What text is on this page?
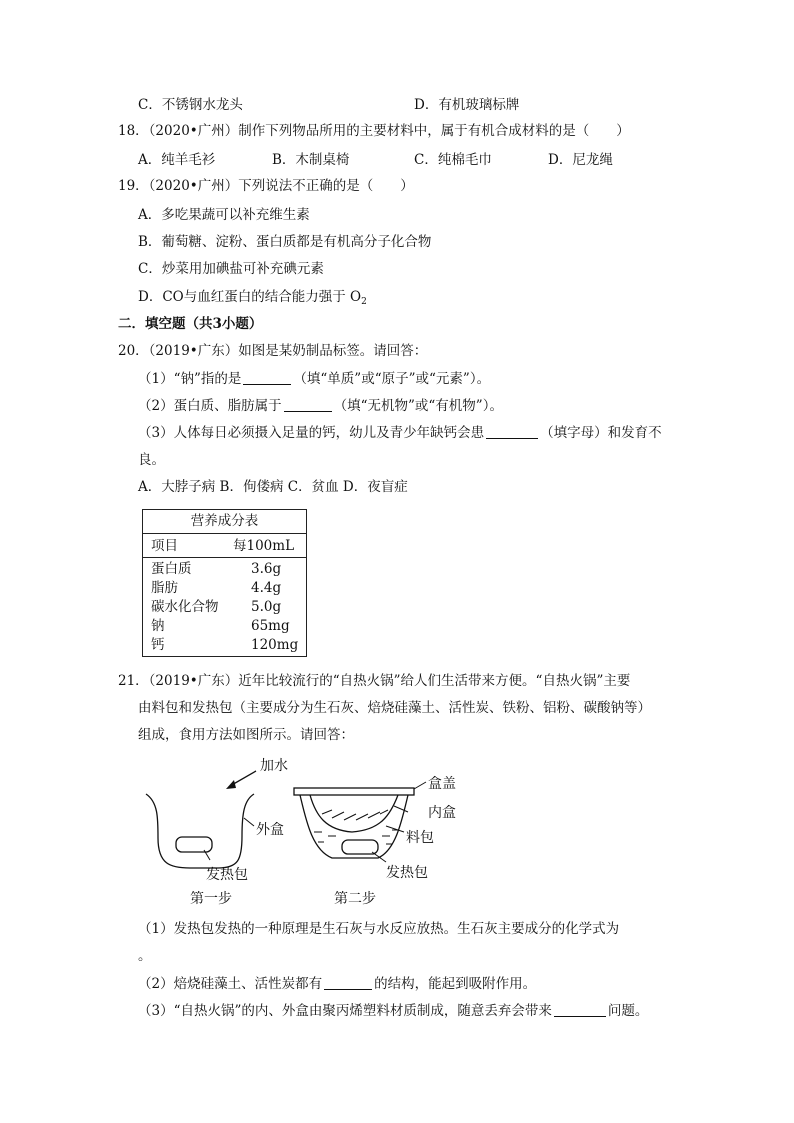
C．不锈钢水龙头	D．有机玻璃标牌
18．（2020•广州）制作下列物品所用的主要材料中，属于有机合成材料的是（　　）
A．纯羊毛衫	B．木制桌椅	C．纯棉毛巾	D．尼龙绳
19．（2020•广州）下列说法不正确的是（　　）
A．多吃果蔬可以补充维生素
B．葡萄糖、淀粉、蛋白质都是有机高分子化合物
C．炒菜用加碘盐可补充碘元素
D．CO与血红蛋白的结合能力强于 $O_2$
二．填空题（共3小题）
20．（2019•广东）如图是某奶制品标签。请回答：
（1）“钠”指的是	（填“单质”或“原子”或“元素”）。
（2）蛋白质、脂肪属于	（填“无机物”或“有机物”）。
（3）人体每日必须摄入足量的钙，幼儿及青少年缺钙会患	（填字母）和发育不
良。
A．大脖子病 B．佝偻病 C．贫血 D．夜盲症
营养成分表
项目	每100mL
蛋白质	3.6g
脂肪	4.4g
碳水化合物 5.0g
钠	65mg
钙	120mg
21．（2019•广东）近年比较流行的“自热火锅”给人们生活带来方便。“自热火锅”主要
由料包和发热包（主要成分为生石灰、焙烧硅藻土、活性炭、铁粉、铝粉、碳酸钠等）
组成，食用方法如图所示。请回答：
加水
外盒
发热包
第一步
盒盖
内盒
料包
发热包
第二步
（1）发热包发热的一种原理是生石灰与水反应放热。生石灰主要成分的化学式为
。
（2）焙烧硅藻土、活性炭都有	的结构，能起到吸附作用。
（3）“自热火锅”的内、外盒由聚丙烯塑料材质制成，随意丢弃会带来	问题。
